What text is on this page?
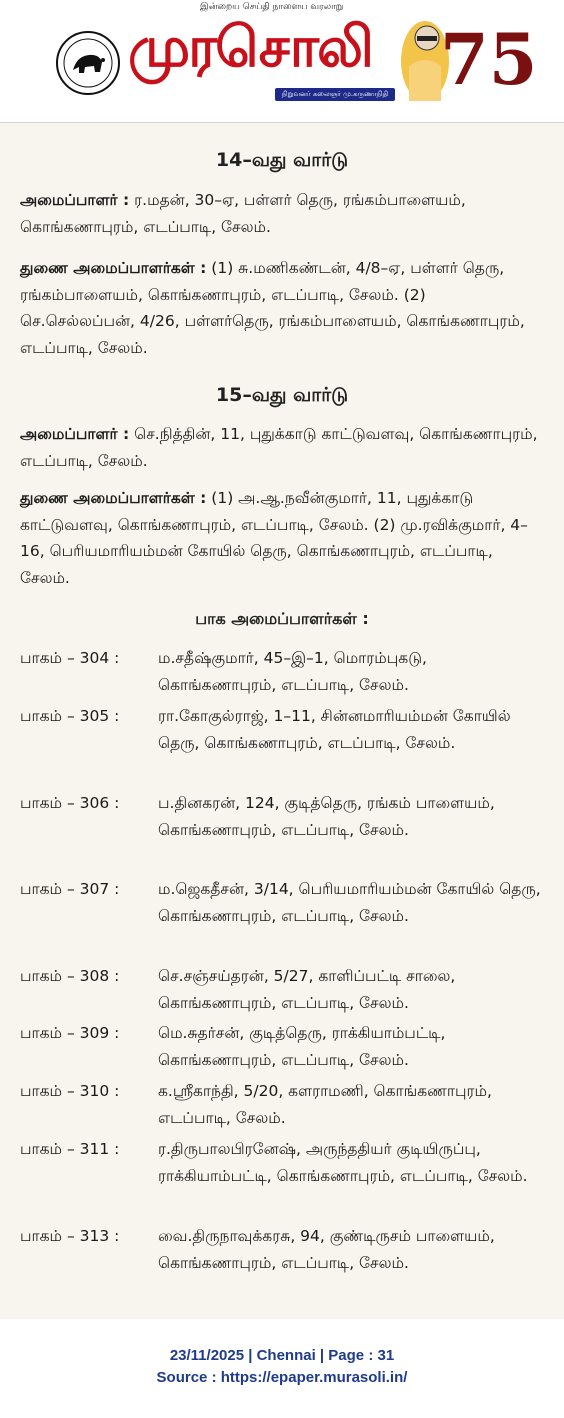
இன்றைய செய்தி நாளைய வரலாறு
முரசொலி
நிறுவனர் கலைஞர் மு.கருணாநிதி 75
14–வது வார்டு
அமைப்பாளர் : ர.மதன், 30–ஏ, பள்ளர் தெரு, ரங்கம்பாளையம், கொங்கணாபுரம், எடப்பாடி, சேலம்.
துணை அமைப்பாளர்கள் : (1) சு.மணிகண்டன், 4/8–ஏ, பள்ளர் தெரு, ரங்கம்பாளையம், கொங்கணாபுரம், எடப்பாடி, சேலம். (2) செ.செல்லப்பன், 4/26, பள்ளர்தெரு, ரங்கம்பாளையம், கொங்கணாபுரம், எடப்பாடி, சேலம்.
15–வது வார்டு
அமைப்பாளர் : செ.நித்தின், 11, புதுக்காடு காட்டுவளவு, கொங்கணாபுரம், எடப்பாடி, சேலம்.
துணை அமைப்பாளர்கள் : (1) அ.ஆ.நவீன்குமார், 11, புதுக்காடு காட்டுவளவு, கொங்கணாபுரம், எடப்பாடி, சேலம். (2) மு.ரவிக்குமார், 4–16, பெரியமாரியம்மன் கோயில் தெரு, கொங்கணாபுரம், எடப்பாடி, சேலம்.
பாக அமைப்பாளர்கள் :
பாகம் – 304 :	ம.சதீஷ்குமார், 45–இ–1, மொரம்புகடு, கொங்கணாபுரம், எடப்பாடி, சேலம்.
பாகம் – 305 :	ரா.கோகுல்ராஜ், 1–11, சின்னமாரியம்மன் கோயில் தெரு, கொங்கணாபுரம், எடப்பாடி, சேலம்.
பாகம் – 306 :	ப.தினகரன், 124, குடித்தெரு, ரங்கம் பாளையம், கொங்கணாபுரம், எடப்பாடி, சேலம்.
பாகம் – 307 :	ம.ஜெகதீசன், 3/14, பெரியமாரியம்மன் கோயில் தெரு, கொங்கணாபுரம், எடப்பாடி, சேலம்.
பாகம் – 308 :	செ.சஞ்சய்தரன், 5/27, காளிப்பட்டி சாலை, கொங்கணாபுரம், எடப்பாடி, சேலம்.
பாகம் – 309 :	மெ.சுதர்சன், குடித்தெரு, ராக்கியாம்பட்டி, கொங்கணாபுரம், எடப்பாடி, சேலம்.
பாகம் – 310 :	க.ஸ்ரீகாந்தி, 5/20, களராமணி, கொங்கணாபுரம், எடப்பாடி, சேலம்.
பாகம் – 311 :	ர.திருபாலபிரனேஷ், அருந்ததியர் குடியிருப்பு, ராக்கியாம்பட்டி, கொங்கணாபுரம், எடப்பாடி, சேலம்.
பாகம் – 313 :	வை.திருநாவுக்கரசு, 94, குண்டிருசம் பாளையம், கொங்கணாபுரம், எடப்பாடி, சேலம்.
23/11/2025 | Chennai | Page : 31
Source : https://epaper.murasoli.in/
